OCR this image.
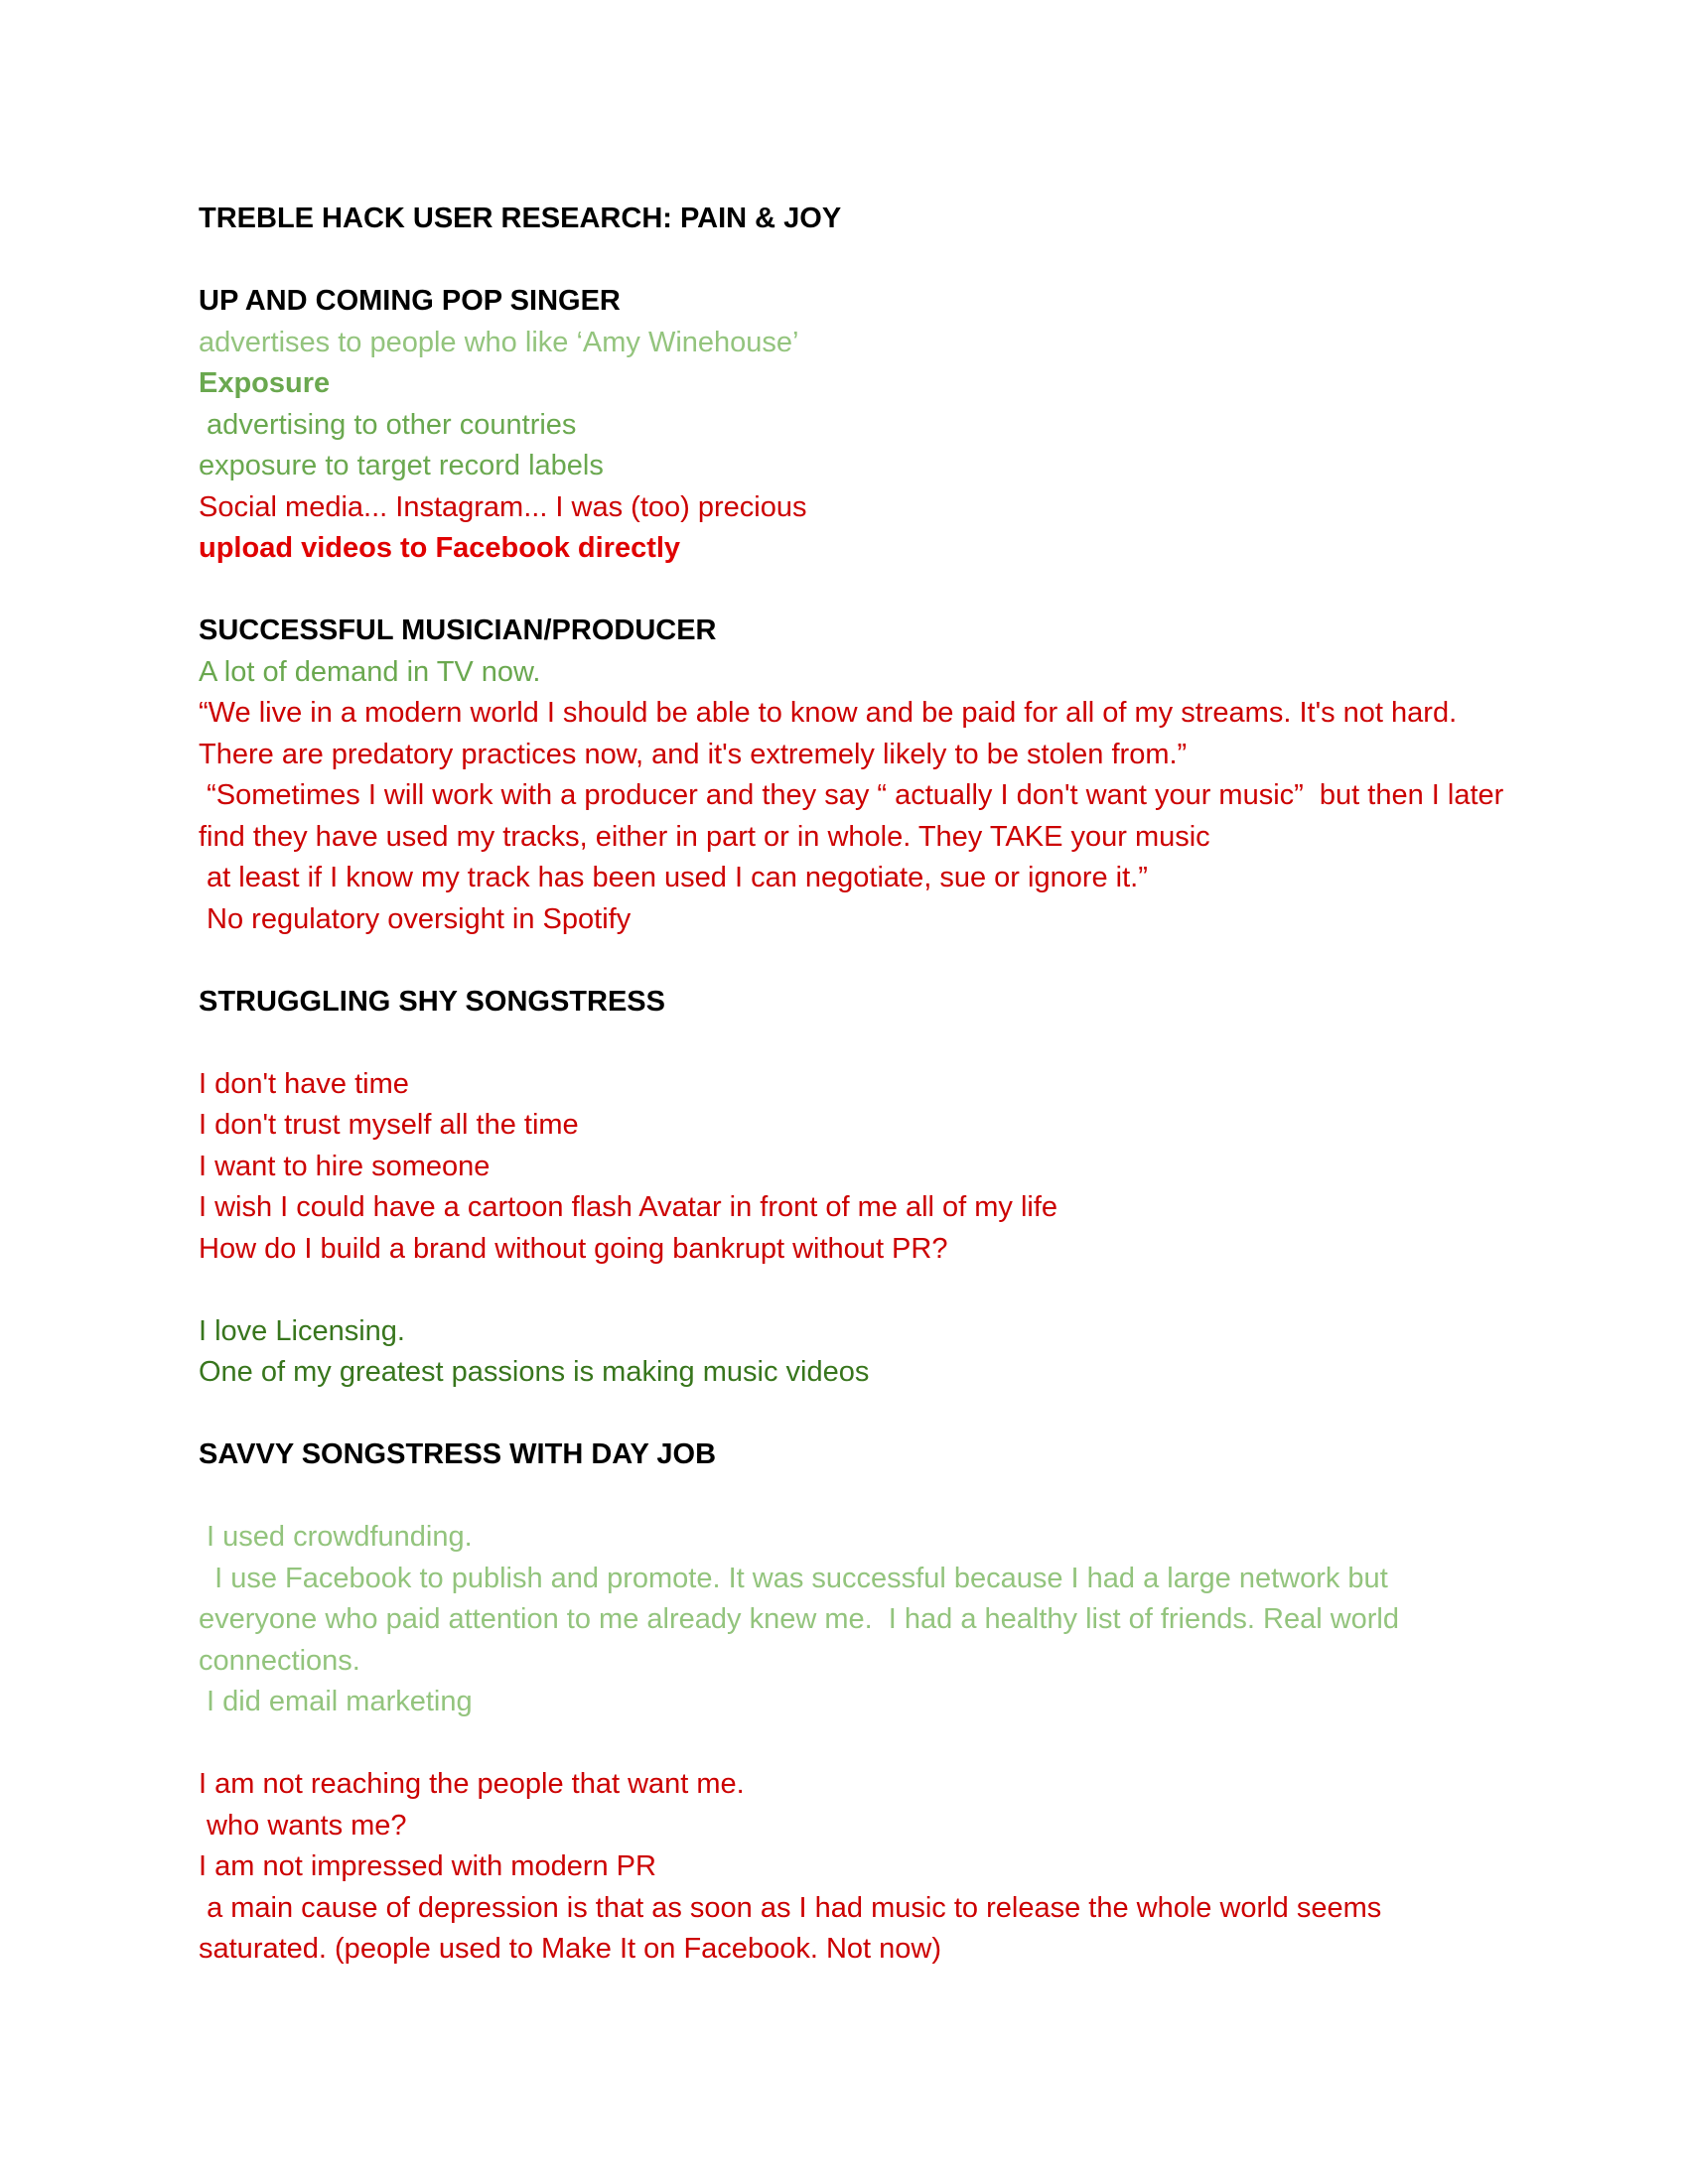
TREBLE HACK USER RESEARCH: PAIN & JOY
UP AND COMING POP SINGER
advertises to people who like ‘Amy Winehouse’
Exposure
advertising to other countries
exposure to target record labels
Social media... Instagram... I was (too) precious
upload videos to Facebook directly
SUCCESSFUL MUSICIAN/PRODUCER
A lot of demand in TV now.
“We live in a modern world I should be able to know and be paid for all of my streams. It's not hard. There are predatory practices now, and it's extremely likely to be stolen from.”
“Sometimes I will work with a producer and they say “ actually I don't want your music”  but then I later find they have used my tracks, either in part or in whole. They TAKE your music
at least if I know my track has been used I can negotiate, sue or ignore it.”
No regulatory oversight in Spotify
STRUGGLING SHY SONGSTRESS
I don't have time
I don't trust myself all the time
I want to hire someone
I wish I could have a cartoon flash Avatar in front of me all of my life
How do I build a brand without going bankrupt without PR?
I love Licensing.
One of my greatest passions is making music videos
SAVVY SONGSTRESS WITH DAY JOB
I used crowdfunding.
I use Facebook to publish and promote. It was successful because I had a large network but everyone who paid attention to me already knew me.  I had a healthy list of friends. Real world connections.
I did email marketing
I am not reaching the people that want me.
who wants me?
I am not impressed with modern PR
a main cause of depression is that as soon as I had music to release the whole world seems saturated. (people used to Make It on Facebook. Not now)
